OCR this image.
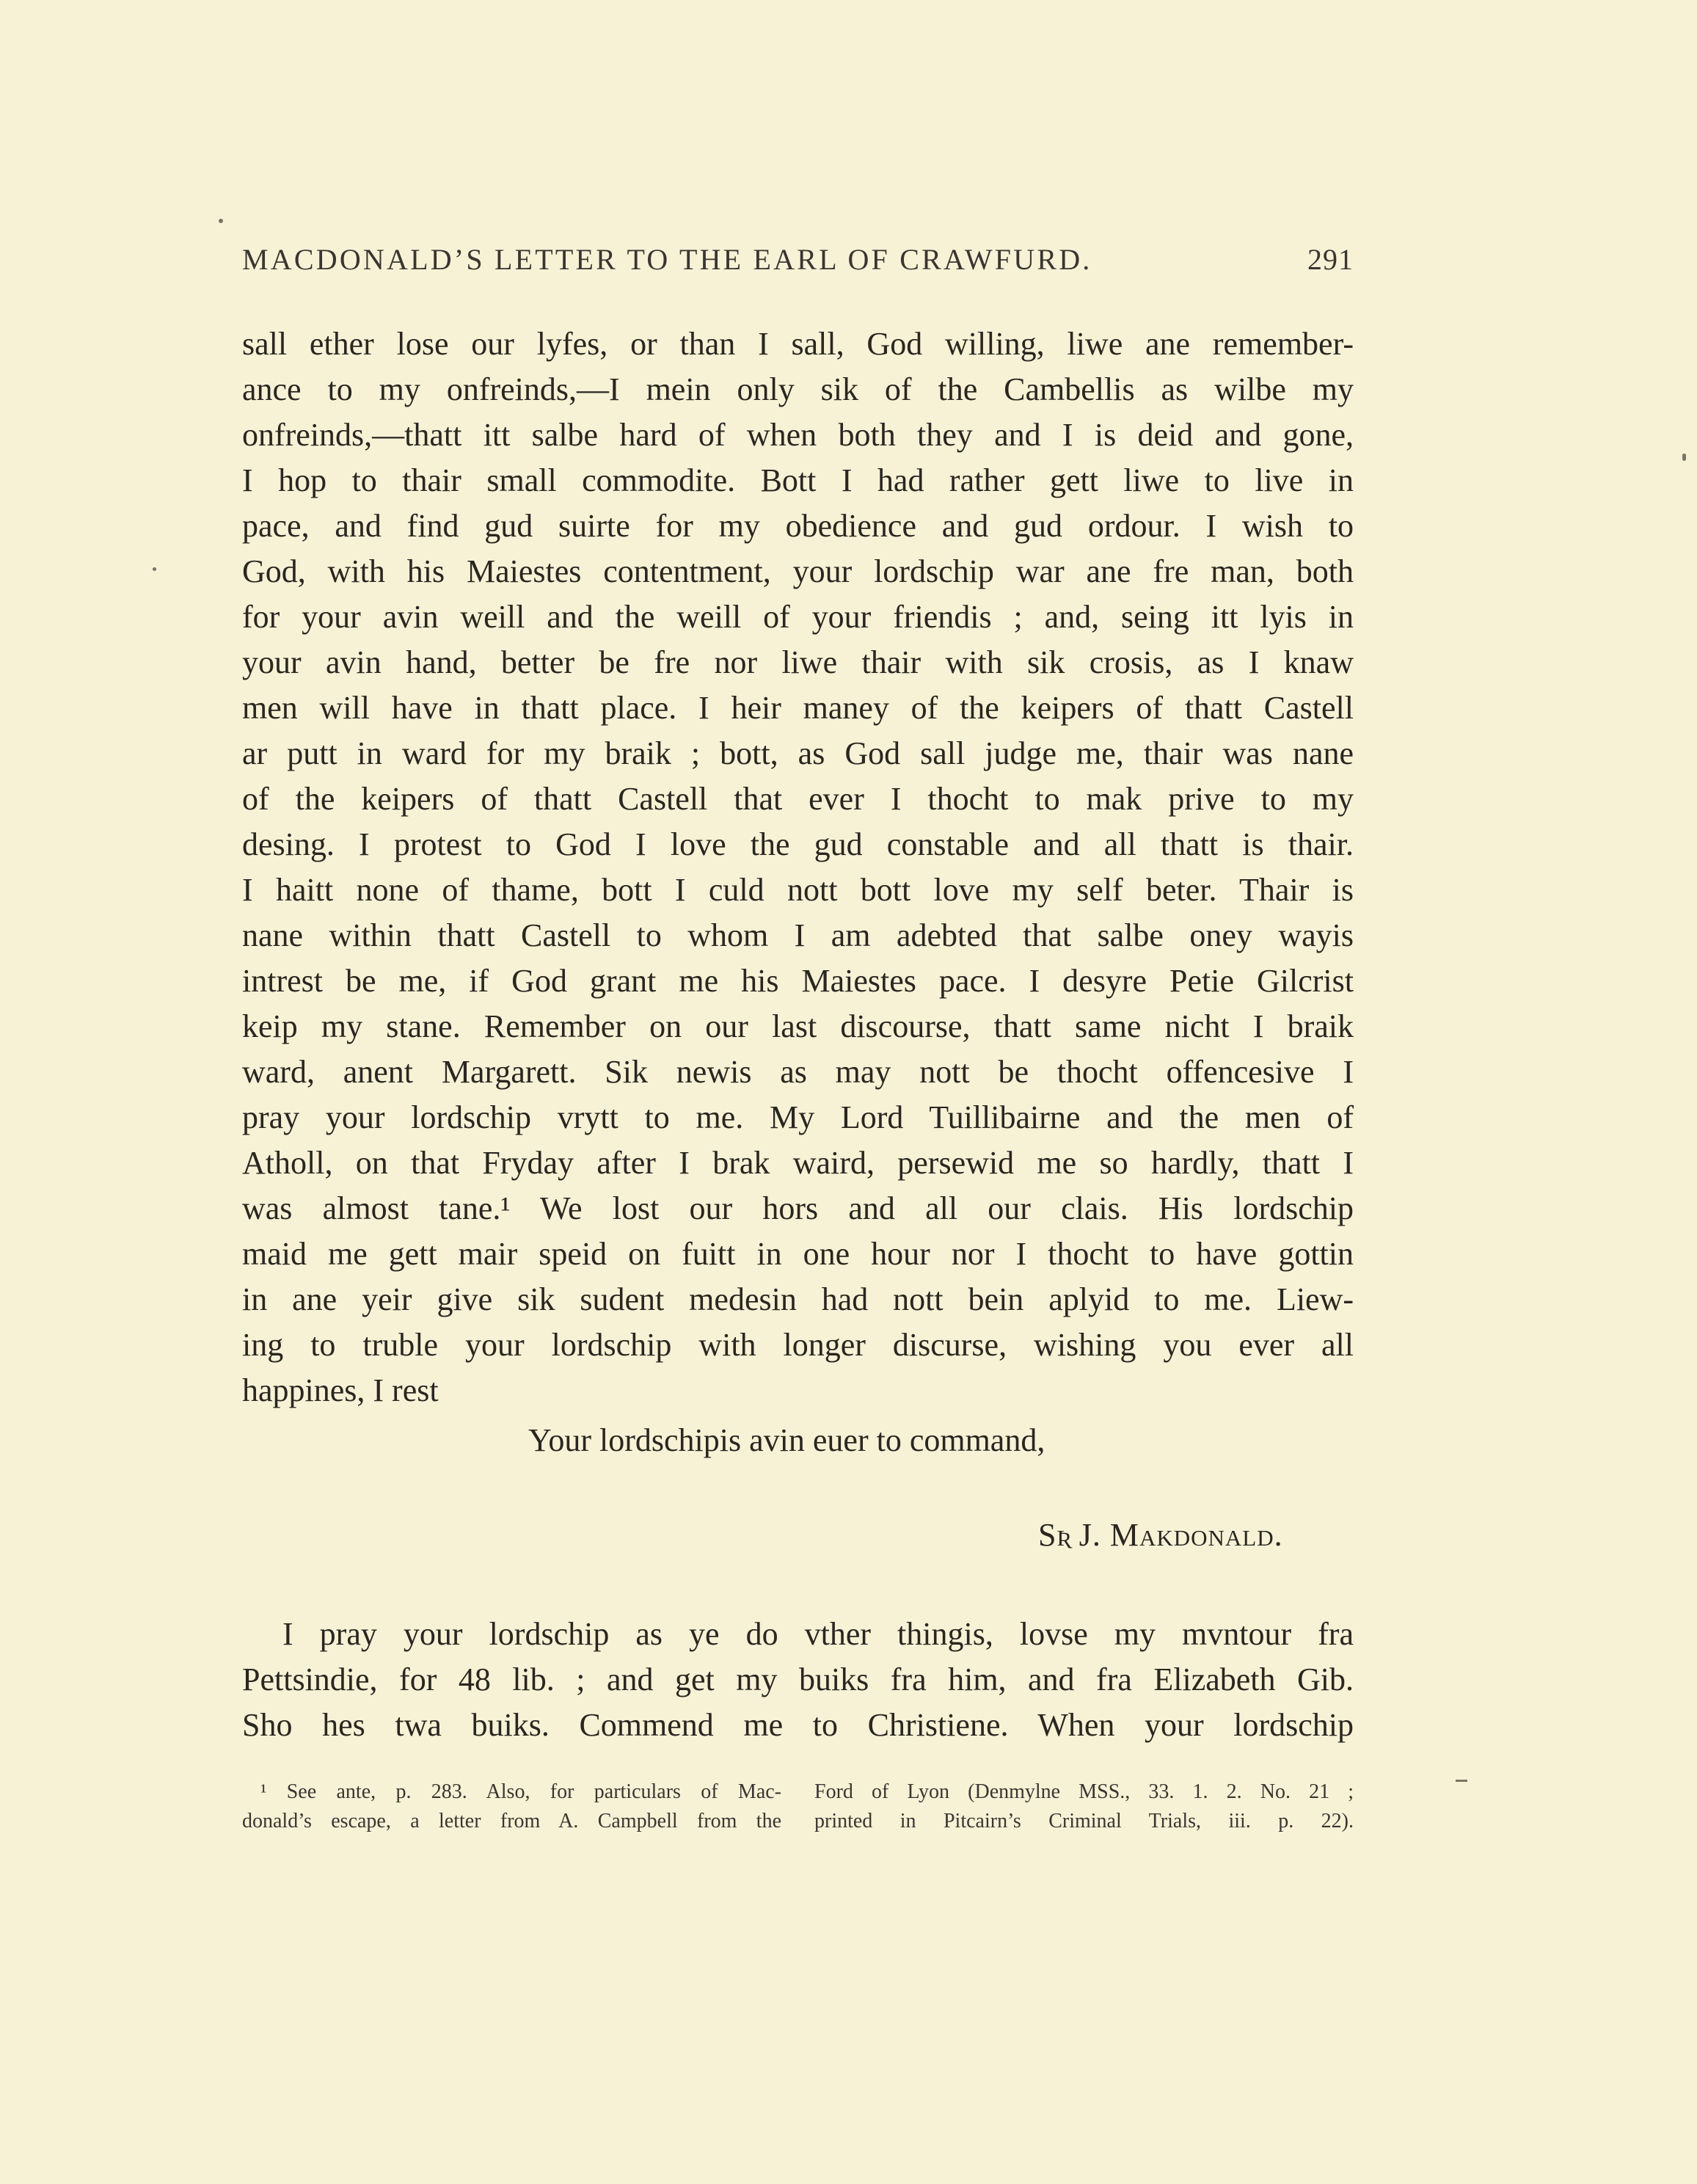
MACDONALD’S LETTER TO THE EARL OF CRAWFURD.	291
sall ether lose our lyfes, or than I sall, God willing, liwe ane remember-
ance to my onfreinds,—I mein only sik of the Cambellis as wilbe my
onfreinds,—thatt itt salbe hard of when both they and I is deid and gone,
I hop to thair small commodite. Bott I had rather gett liwe to live in
pace, and find gud suirte for my obedience and gud ordour. I wish to
God, with his Maiestes contentment, your lordschip war ane fre man, both
for your avin weill and the weill of your friendis ; and, seing itt lyis in
your avin hand, better be fre nor liwe thair with sik crosis, as I knaw
men will have in thatt place. I heir maney of the keipers of thatt Castell
ar putt in ward for my braik ; bott, as God sall judge me, thair was nane
of the keipers of thatt Castell that ever I thocht to mak prive to my
desing. I protest to God I love the gud constable and all thatt is thair.
I haitt none of thame, bott I culd nott bott love my self beter. Thair is
nane within thatt Castell to whom I am adebted that salbe oney wayis
intrest be me, if God grant me his Maiestes pace. I desyre Petie Gilcrist
keip my stane. Remember on our last discourse, thatt same nicht I braik
ward, anent Margarett. Sik newis as may nott be thocht offencesive I
pray your lordschip vrytt to me. My Lord Tuillibairne and the men of
Atholl, on that Fryday after I brak waird, persewid me so hardly, thatt I
was almost tane.¹ We lost our hors and all our clais. His lordschip
maid me gett mair speid on fuitt in one hour nor I thocht to have gottin
in ane yeir give sik sudent medesin had nott bein aplyid to me. Liew-
ing to truble your lordschip with longer discurse, wishing you ever all
happines, I rest
Your lordschipis avin euer to command,
Sʀ J. Makdonald.
I pray your lordschip as ye do vther thingis, lovse my mvntour fra
Pettsindie, for 48 lib. ; and get my buiks fra him, and fra Elizabeth Gib.
Sho hes twa buiks. Commend me to Christiene. When your lordschip
¹ See ante, p. 283. Also, for particulars of Mac-
donald’s escape, a letter from A. Campbell from the
Ford of Lyon (Denmylne MSS., 33. 1. 2. No. 21 ;
printed in Pitcairn’s Criminal Trials, iii. p. 22).
